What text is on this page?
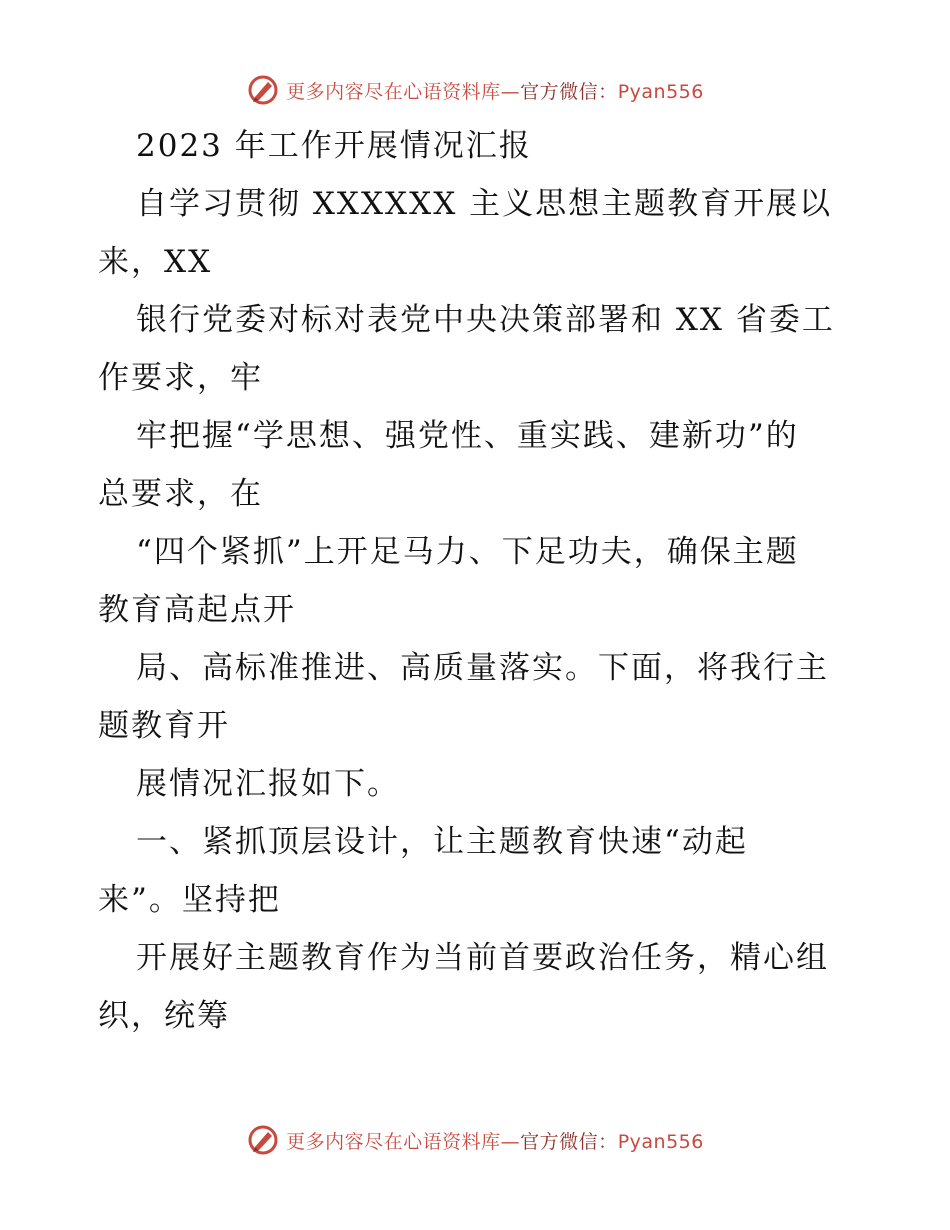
更多内容尽在心语资料库 — 官方微信：Pyan556
2023 年工作开展情况汇报
自学习贯彻 XXXXXX 主义思想主题教育开展以
来，XX
银行党委对标对表党中央决策部署和 XX 省委工
作要求，牢
牢把握“学思想、强党性、重实践、建新功”的
总要求，在
“四个紧抓”上开足马力、下足功夫，确保主题
教育高起点开
局、高标准推进、高质量落实。下面，将我行主
题教育开
展情况汇报如下。
一、紧抓顶层设计，让主题教育快速“动起
来”。坚持把
开展好主题教育作为当前首要政治任务，精心组
织，统筹
更多内容尽在心语资料库 — 官方微信：Pyan556
